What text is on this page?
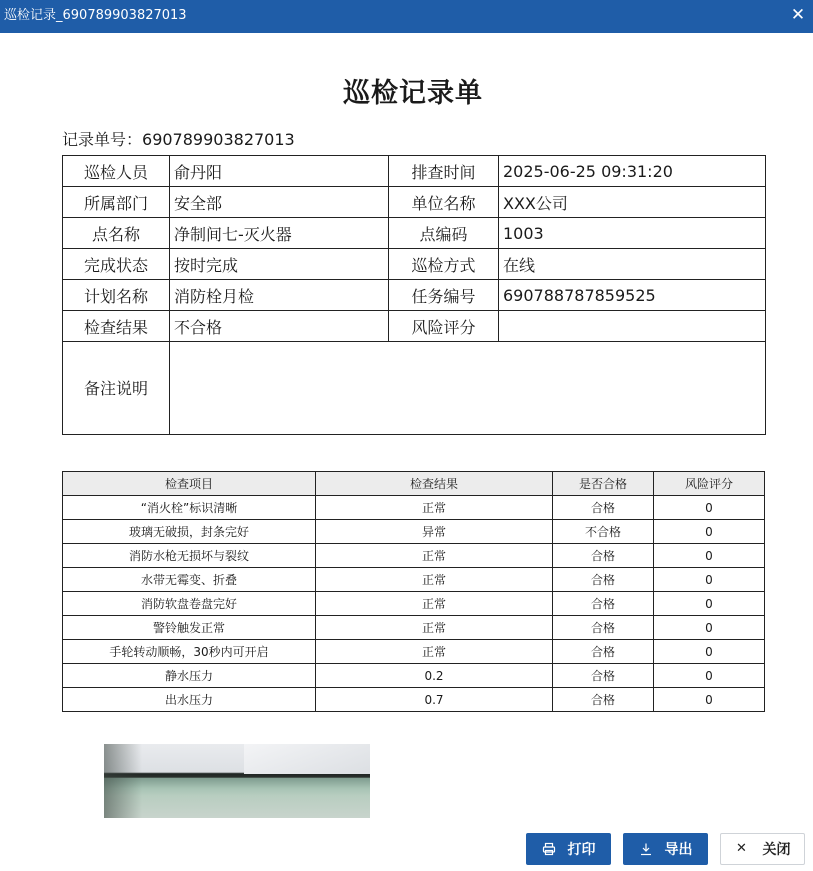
巡检记录_690789903827013	✕
巡检记录单
记录单号：690789903827013
巡检人员	俞丹阳	排查时间	2025-06-25 09:31:20
所属部门	安全部	单位名称	XXX公司
点名称	净制间七-灭火器	点编码	1003
完成状态	按时完成	巡检方式	在线
计划名称	消防栓月检	任务编号	690788787859525
检查结果	不合格	风险评分	
备注说明			
检查项目	检查结果	是否合格	风险评分
“消火栓”标识清晰	正常	合格	0
玻璃无破损，封条完好	异常	不合格	0
消防水枪无损坏与裂纹	正常	合格	0
水带无霉变、折叠	正常	合格	0
消防软盘卷盘完好	正常	合格	0
警铃触发正常	正常	合格	0
手轮转动顺畅，30秒内可开启	正常	合格	0
静水压力	0.2	合格	0
出水压力	0.7	合格	0
打印	导出	✕ 关闭
